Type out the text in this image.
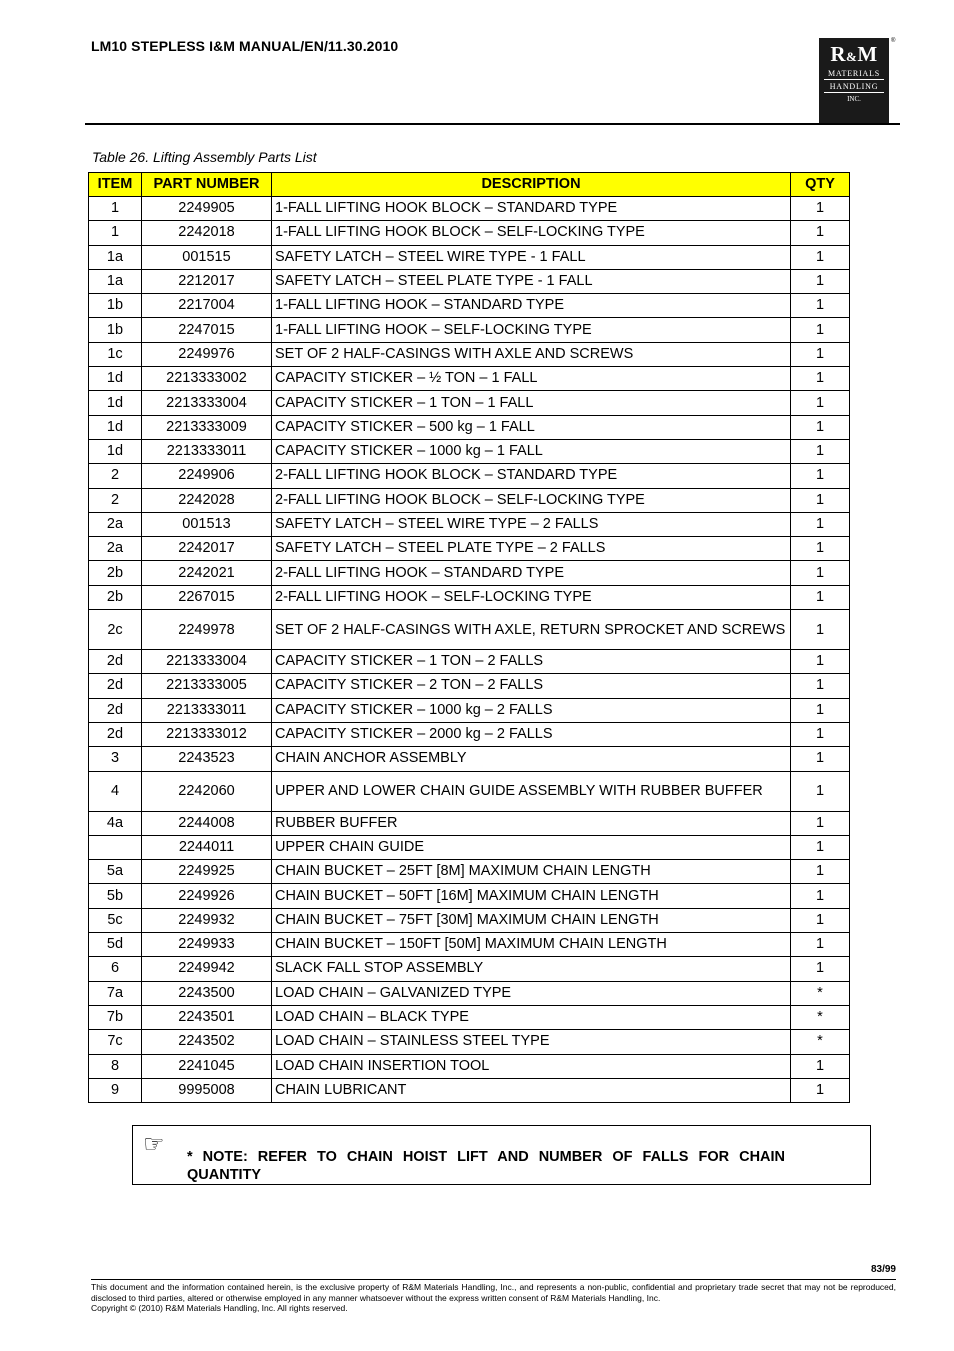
LM10 STEPLESS I&M MANUAL/EN/11.30.2010	R&M
MATERIALS
HANDLING
INC.
®
Table 26. Lifting Assembly Parts List
ITEM	PART NUMBER	DESCRIPTION	QTY
1	2249905	1-FALL LIFTING HOOK BLOCK – STANDARD TYPE	1
1	2242018	1-FALL LIFTING HOOK BLOCK – SELF-LOCKING TYPE	1
1a	001515	SAFETY LATCH – STEEL WIRE TYPE - 1 FALL	1
1a	2212017	SAFETY LATCH – STEEL PLATE TYPE - 1 FALL	1
1b	2217004	1-FALL LIFTING HOOK – STANDARD TYPE	1
1b	2247015	1-FALL LIFTING HOOK – SELF-LOCKING TYPE	1
1c	2249976	SET OF 2 HALF-CASINGS WITH AXLE AND SCREWS	1
1d	2213333002	CAPACITY STICKER – ½ TON – 1 FALL	1
1d	2213333004	CAPACITY STICKER – 1 TON – 1 FALL	1
1d	2213333009	CAPACITY STICKER – 500 kg – 1 FALL	1
1d	2213333011	CAPACITY STICKER – 1000 kg – 1 FALL	1
2	2249906	2-FALL LIFTING HOOK BLOCK – STANDARD TYPE	1
2	2242028	2-FALL LIFTING HOOK BLOCK – SELF-LOCKING TYPE	1
2a	001513	SAFETY LATCH – STEEL WIRE TYPE – 2 FALLS	1
2a	2242017	SAFETY LATCH – STEEL PLATE TYPE – 2 FALLS	1
2b	2242021	2-FALL LIFTING HOOK – STANDARD TYPE	1
2b	2267015	2-FALL LIFTING HOOK – SELF-LOCKING TYPE	1
2c	2249978	SET OF 2 HALF-CASINGS WITH AXLE, RETURN SPROCKET AND SCREWS	1
2d	2213333004	CAPACITY STICKER – 1 TON – 2 FALLS	1
2d	2213333005	CAPACITY STICKER – 2 TON – 2 FALLS	1
2d	2213333011	CAPACITY STICKER – 1000 kg – 2 FALLS	1
2d	2213333012	CAPACITY STICKER – 2000 kg – 2 FALLS	1
3	2243523	CHAIN ANCHOR ASSEMBLY	1
4	2242060	UPPER AND LOWER CHAIN GUIDE ASSEMBLY WITH RUBBER BUFFER	1
4a	2244008	RUBBER BUFFER	1
	2244011	UPPER CHAIN GUIDE	1
5a	2249925	CHAIN BUCKET – 25FT [8M] MAXIMUM CHAIN LENGTH	1
5b	2249926	CHAIN BUCKET – 50FT [16M] MAXIMUM CHAIN LENGTH	1
5c	2249932	CHAIN BUCKET – 75FT [30M] MAXIMUM CHAIN LENGTH	1
5d	2249933	CHAIN BUCKET – 150FT [50M] MAXIMUM CHAIN LENGTH	1
6	2249942	SLACK FALL STOP ASSEMBLY	1
7a	2243500	LOAD CHAIN – GALVANIZED TYPE	*
7b	2243501	LOAD CHAIN – BLACK TYPE	*
7c	2243502	LOAD CHAIN – STAINLESS STEEL TYPE	*
8	2241045	LOAD CHAIN INSERTION TOOL	1
9	9995008	CHAIN LUBRICANT	1
☞ * NOTE: REFER TO CHAIN HOIST LIFT AND NUMBER OF FALLS FOR CHAIN
QUANTITY
83/99
This document and the information contained herein, is the exclusive property of R&M Materials Handling, Inc., and represents a non-public, confidential and proprietary trade secret that may not be reproduced, disclosed to third parties, altered or otherwise employed in any manner whatsoever without the express written consent of R&M Materials Handling, Inc.
Copyright © (2010) R&M Materials Handling, Inc. All rights reserved.
